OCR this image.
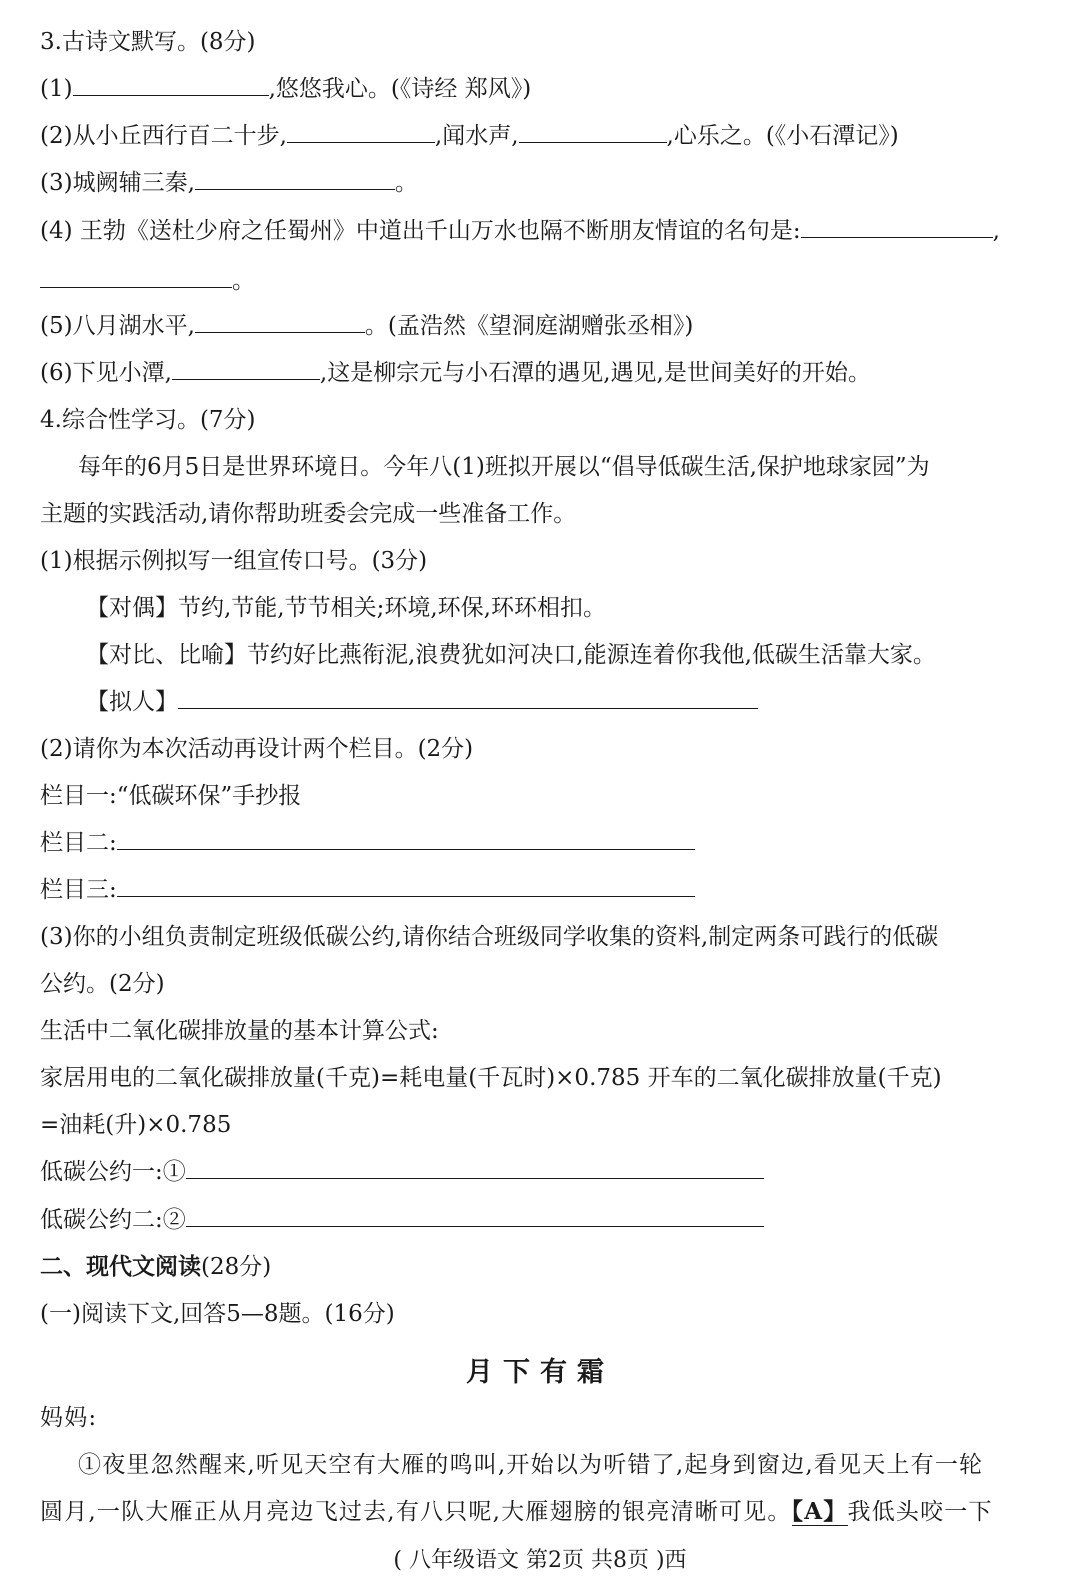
3.古诗文默写。(8分)
(1)	,悠悠我心。(《诗经 郑风》)
(2)从小丘西行百二十步,	,闻水声,	,心乐之。(《小石潭记》)
(3)城阙辅三秦,	。
(4) 王勃《送杜少府之任蜀州》中道出千山万水也隔不断朋友情谊的名句是:	,
。
(5)八月湖水平,	。(孟浩然《望洞庭湖赠张丞相》)
(6)下见小潭,	,这是柳宗元与小石潭的遇见,遇见,是世间美好的开始。
4.综合性学习。(7分)
每年的6月5日是世界环境日。今年八(1)班拟开展以“倡导低碳生活,保护地球家园”为
主题的实践活动,请你帮助班委会完成一些准备工作。
(1)根据示例拟写一组宣传口号。(3分)
【对偶】节约,节能,节节相关;环境,环保,环环相扣。
【对比、比喻】节约好比燕衔泥,浪费犹如河决口,能源连着你我他,低碳生活靠大家。
【拟人】
(2)请你为本次活动再设计两个栏目。(2分)
栏目一:“低碳环保”手抄报
栏目二:
栏目三:
(3)你的小组负责制定班级低碳公约,请你结合班级同学收集的资料,制定两条可践行的低碳
公约。(2分)
生活中二氧化碳排放量的基本计算公式:
家居用电的二氧化碳排放量(千克)=耗电量(千瓦时)×0.785 开车的二氧化碳排放量(千克)
=油耗(升)×0.785
低碳公约一:①
低碳公约二:②
二、现代文阅读(28分)
(一)阅读下文,回答5—8题。(16分)
月下有霜
妈妈:
①夜里忽然醒来,听见天空有大雁的鸣叫,开始以为听错了,起身到窗边,看见天上有一轮
圆月,一队大雁正从月亮边飞过去,有八只呢,大雁翅膀的银亮清晰可见。【A】我低头咬一下
( 八年级语文 第2页 共8页 )西
